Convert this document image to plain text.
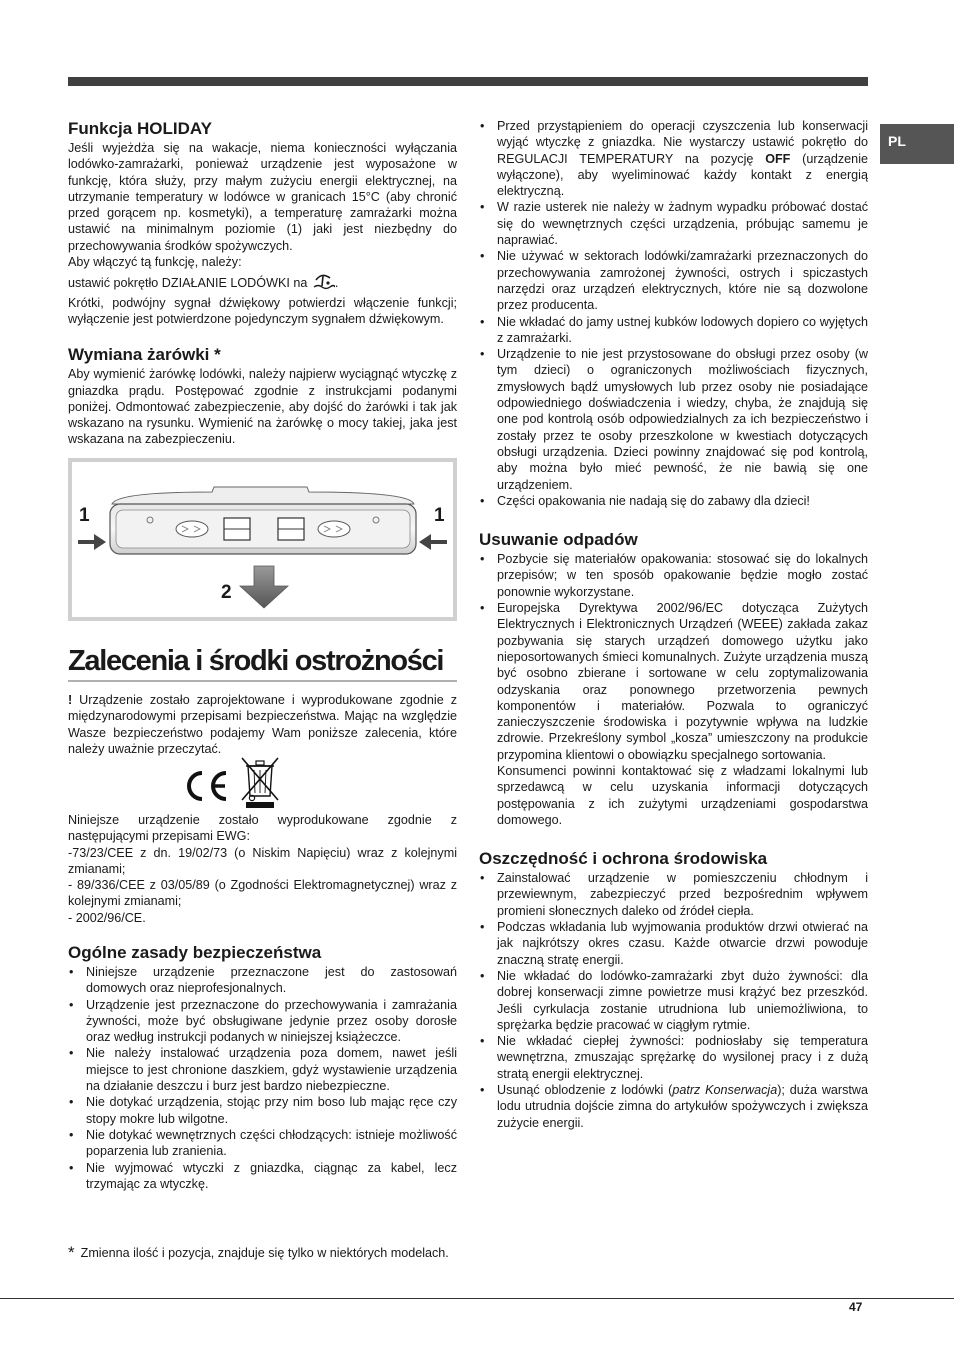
PL
Funkcja HOLIDAY

Jeśli wyjeżdża się na wakacje, niema konieczności wyłączania lodówko-zamrażarki, ponieważ urządzenie jest wyposażone w funkcję, która służy, przy małym zużyciu energii elektrycznej, na utrzymanie temperatury w lodówce w granicach 15°C (aby chronić przed gorącem np. kosmetyki), a temperaturę zamrażarki można ustawić na minimalnym poziomie (1) jaki jest niezbędny do przechowywania środków spożywczych.

Aby włączyć tą funkcję, należy:

ustawić pokrętło DZIAŁANIE LODÓWKI na .

Krótki, podwójny sygnał dźwiękowy potwierdzi włączenie funkcji; wyłączenie jest potwierdzone pojedynczym sygnałem dźwiękowym.

Wymiana żarówki *

Aby wymienić żarówkę lodówki, należy najpierw wyciągnąć wtyczkę z gniazdka prądu. Postępować zgodnie z instrukcjami podanymi poniżej. Odmontować zabezpieczenie, aby dojść do żarówki i tak jak wskazano na rysunku. Wymienić na żarówkę o mocy takiej, jaka jest wskazana na zabezpieczeniu.

1	1
2
Zalecenia i środki ostrożności

! Urządzenie zostało zaprojektowane i wyprodukowane zgodnie z międzynarodowymi przepisami bezpieczeństwa. Mając na względzie Wasze bezpieczeństwo podajemy Wam poniższe zalecenia, które należy uważnie przeczytać.

Niniejsze urządzenie zostało wyprodukowane zgodnie z następującymi przepisami EWG:

-73/23/CEE z dn. 19/02/73 (o Niskim Napięciu) wraz z kolejnymi zmianami;

- 89/336/CEE z 03/05/89 (o Zgodności Elektromagnetycznej) wraz z kolejnymi zmianami;

- 2002/96/CE.

Ogólne zasady bezpieczeństwa
• Niniejsze urządzenie przeznaczone jest do zastosowań domowych oraz nieprofesjonalnych.
• Urządzenie jest przeznaczone do przechowywania i zamrażania żywności, może być obsługiwane jedynie przez osoby dorosłe oraz według instrukcji podanych w niniejszej książeczce.
• Nie należy instalować urządzenia poza domem, nawet jeśli miejsce to jest chronione daszkiem, gdyż wystawienie urządzenia na działanie deszczu i burz jest bardzo niebezpieczne.
• Nie dotykać urządzenia, stojąc przy nim boso lub mając ręce czy stopy mokre lub wilgotne.
• Nie dotykać wewnętrznych części chłodzących: istnieje możliwość poparzenia lub zranienia.
• Nie wyjmować wtyczki z gniazdka, ciągnąc za kabel, lecz trzymając za wtyczkę.

* Zmienna ilość i pozycja, znajduje się tylko w niektórych modelach.

• Przed przystąpieniem do operacji czyszczenia lub konserwacji wyjąć wtyczkę z gniazdka. Nie wystarczy ustawić pokrętło do REGULACJI TEMPERATURY na pozycję OFF (urządzenie wyłączone), aby wyeliminować każdy kontakt z energią elektryczną.
• W razie usterek nie należy w żadnym wypadku próbować dostać się do wewnętrznych części urządzenia, próbując samemu je naprawiać.
• Nie używać w sektorach lodówki/zamrażarki przeznaczonych do przechowywania zamrożonej żywności, ostrych i spiczastych narzędzi oraz urządzeń elektrycznych, które nie są dozwolone przez producenta.
• Nie wkładać do jamy ustnej kubków lodowych dopiero co wyjętych z zamrażarki.
• Urządzenie to nie jest przystosowane do obsługi przez osoby (w tym dzieci) o ograniczonych możliwościach fizycznych, zmysłowych bądź umysłowych lub przez osoby nie posiadające odpowiedniego doświadczenia i wiedzy, chyba, że znajdują się one pod kontrolą osób odpowiedzialnych za ich bezpieczeństwo i zostały przez te osoby przeszkolone w kwestiach dotyczących obsługi urządzenia. Dzieci powinny znajdować się pod kontrolą, aby można było mieć pewność, że nie bawią się one urządzeniem.
• Części opakowania nie nadają się do zabawy dla dzieci!
Usuwanie odpadów
• Pozbycie się materiałów opakowania: stosować się do lokalnych przepisów; w ten sposób opakowanie będzie mogło zostać ponownie wykorzystane.
• Europejska Dyrektywa 2002/96/EC dotycząca Zużytych Elektrycznych i Elektronicznych Urządzeń (WEEE) zakłada zakaz pozbywania się starych urządzeń domowego użytku jako nieposortowanych śmieci komunalnych. Zużyte urządzenia muszą być osobno zbierane i sortowane w celu zoptymalizowania odzyskania oraz ponownego przetworzenia pewnych komponentów i materiałów. Pozwala to ograniczyć zanieczyszczenie środowiska i pozytywnie wpływa na ludzkie zdrowie. Przekreślony symbol „kosza” umieszczony na produkcie przypomina klientowi o obowiązku specjalnego sortowania.

Konsumenci powinni kontaktować się z władzami lokalnymi lub sprzedawcą w celu uzyskania informacji dotyczących postępowania z ich zużytymi urządzeniami gospodarstwa domowego.

Oszczędność i ochrona środowiska
• Zainstalować urządzenie w pomieszczeniu chłodnym i przewiewnym, zabezpieczyć przed bezpośrednim wpływem promieni słonecznych daleko od źródeł ciepła.
• Podczas wkładania lub wyjmowania produktów drzwi otwierać na jak najkrótszy okres czasu. Każde otwarcie drzwi powoduje znaczną stratę energii.
• Nie wkładać do lodówko-zamrażarki zbyt dużo żywności: dla dobrej konserwacji zimne powietrze musi krążyć bez przeszkód. Jeśli cyrkulacja zostanie utrudniona lub uniemożliwiona, to sprężarka będzie pracować w ciągłym rytmie.
• Nie wkładać ciepłej żywności: podniosłaby się temperatura wewnętrzna, zmuszając sprężarkę do wysilonej pracy i z dużą stratą energii elektrycznej.
• Usunąć oblodzenie z lodówki (patrz Konserwacja); duża warstwa lodu utrudnia dojście zimna do artykułów spożywczych i zwiększa zużycie energii.
47
